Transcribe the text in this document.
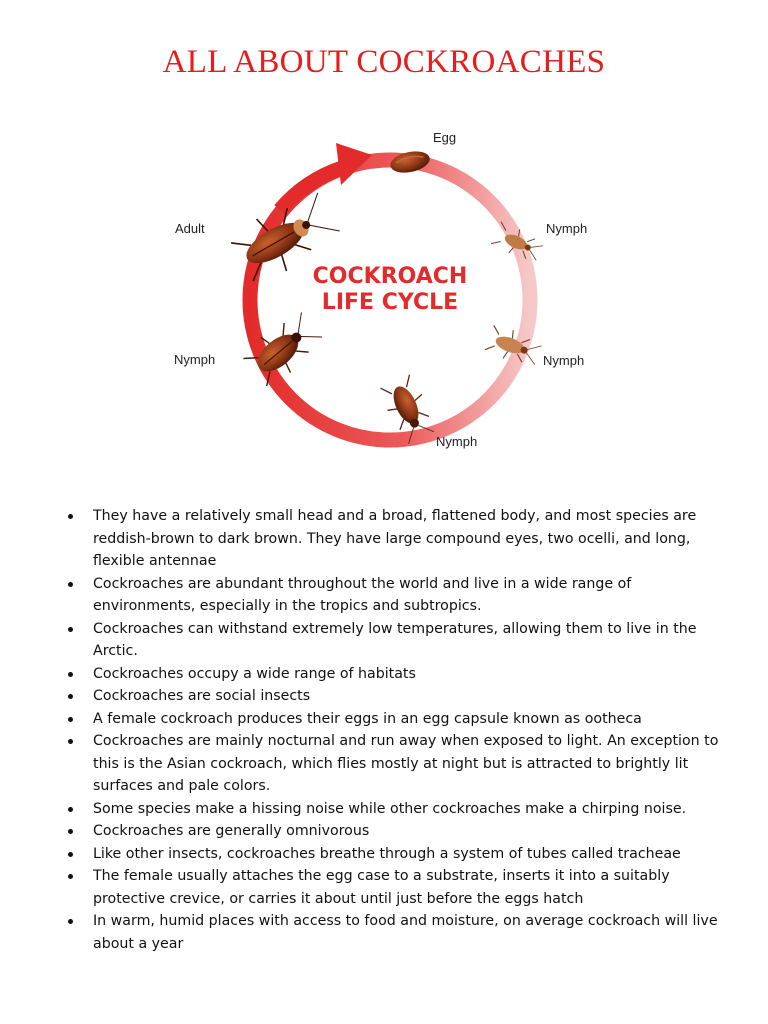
ALL ABOUT COCKROACHES
COCKROACH
LIFE CYCLE
Egg
Nymph
Nymph
Nymph
Nymph
Adult
They have a relatively small head and a broad, flattened body, and most species are reddish-brown to dark brown. They have large compound eyes, two ocelli, and long, flexible antennae
Cockroaches are abundant throughout the world and live in a wide range of environments, especially in the tropics and subtropics.
Cockroaches can withstand extremely low temperatures, allowing them to live in the Arctic.
Cockroaches occupy a wide range of habitats
Cockroaches are social insects
A female cockroach produces their eggs in an egg capsule known as ootheca
Cockroaches are mainly nocturnal and run away when exposed to light. An exception to this is the Asian cockroach, which flies mostly at night but is attracted to brightly lit surfaces and pale colors.
Some species make a hissing noise while other cockroaches make a chirping noise.
Cockroaches are generally omnivorous
Like other insects, cockroaches breathe through a system of tubes called tracheae
The female usually attaches the egg case to a substrate, inserts it into a suitably protective crevice, or carries it about until just before the eggs hatch
In warm, humid places with access to food and moisture, on average cockroach will live about a year
